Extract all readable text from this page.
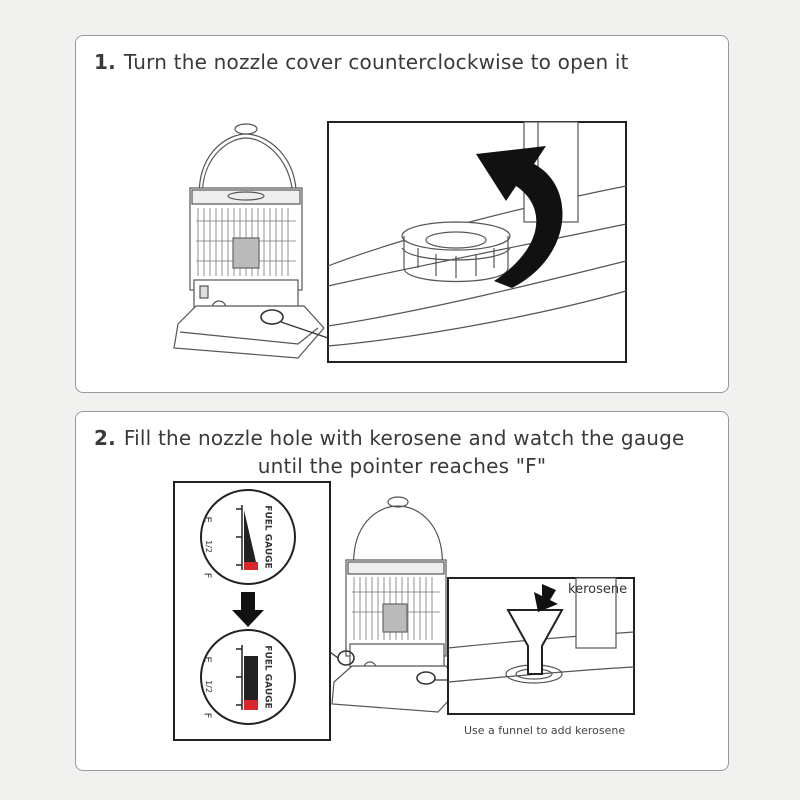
1. Turn the nozzle cover counterclockwise to open it
2. Fill the nozzle hole with kerosene and watch the gauge
until the pointer reaches "F"
E
1/2
F
FUEL GAUGE
E
1/2
F
FUEL GAUGE
kerosene
Use a funnel to add kerosene
